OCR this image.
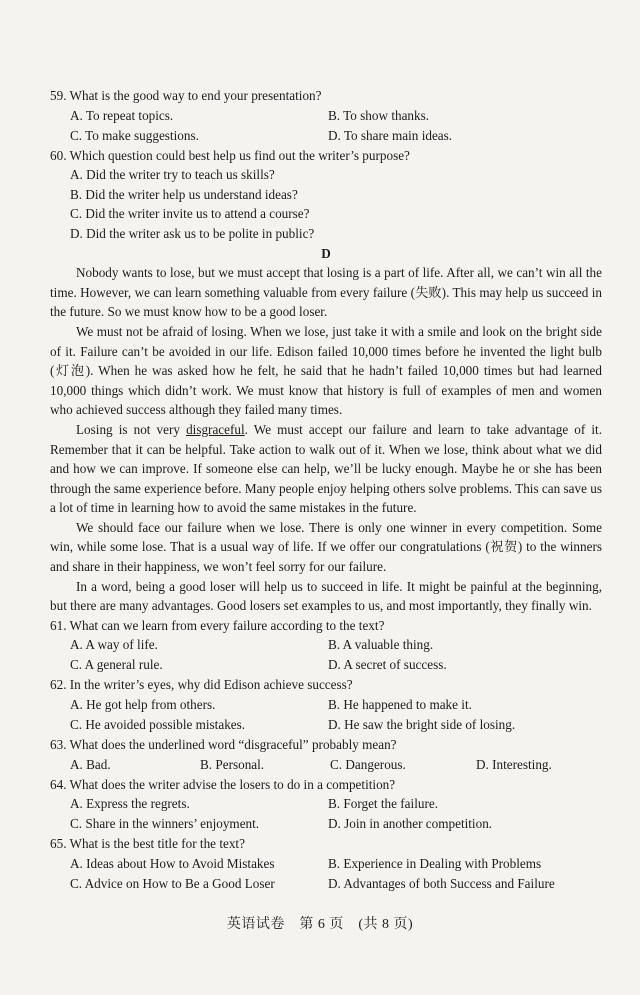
59. What is the good way to end your presentation?

A. To repeat topics.	B. To show thanks.
C. To make suggestions.	D. To share main ideas.

60. Which question could best help us find out the writer’s purpose?

A. Did the writer try to teach us skills?

B. Did the writer help us understand ideas?

C. Did the writer invite us to attend a course?

D. Did the writer ask us to be polite in public?

D

Nobody wants to lose, but we must accept that losing is a part of life. After all, we can’t win all the time. However, we can learn something valuable from every failure (失败). This may help us succeed in the future. So we must know how to be a good loser.

We must not be afraid of losing. When we lose, just take it with a smile and look on the bright side of it. Failure can’t be avoided in our life. Edison failed 10,000 times before he invented the light bulb (灯泡). When he was asked how he felt, he said that he hadn’t failed 10,000 times but had learned 10,000 things which didn’t work. We must know that history is full of examples of men and women who achieved success although they failed many times.

Losing is not very disgraceful. We must accept our failure and learn to take advantage of it. Remember that it can be helpful. Take action to walk out of it. When we lose, think about what we did and how we can improve. If someone else can help, we’ll be lucky enough. Maybe he or she has been through the same experience before. Many people enjoy helping others solve problems. This can save us a lot of time in learning how to avoid the same mistakes in the future.

We should face our failure when we lose. There is only one winner in every competition. Some win, while some lose. That is a usual way of life. If we offer our congratulations (祝贺) to the winners and share in their happiness, we won’t feel sorry for our failure.

In a word, being a good loser will help us to succeed in life. It might be painful at the beginning, but there are many advantages. Good losers set examples to us, and most importantly, they finally win.

61. What can we learn from every failure according to the text?

A. A way of life.	B. A valuable thing.
C. A general rule.	D. A secret of success.

62. In the writer’s eyes, why did Edison achieve success?

A. He got help from others.	B. He happened to make it.
C. He avoided possible mistakes.	D. He saw the bright side of losing.

63. What does the underlined word “disgraceful” probably mean?

A. Bad.	B. Personal.	C. Dangerous.	D. Interesting.

64. What does the writer advise the losers to do in a competition?

A. Express the regrets.	B. Forget the failure.
C. Share in the winners’ enjoyment.	D. Join in another competition.

65. What is the best title for the text?

A. Ideas about How to Avoid Mistakes	B. Experience in Dealing with Problems
C. Advice on How to Be a Good Loser	D. Advantages of both Success and Failure
英语试卷　第 6 页　(共 8 页)
